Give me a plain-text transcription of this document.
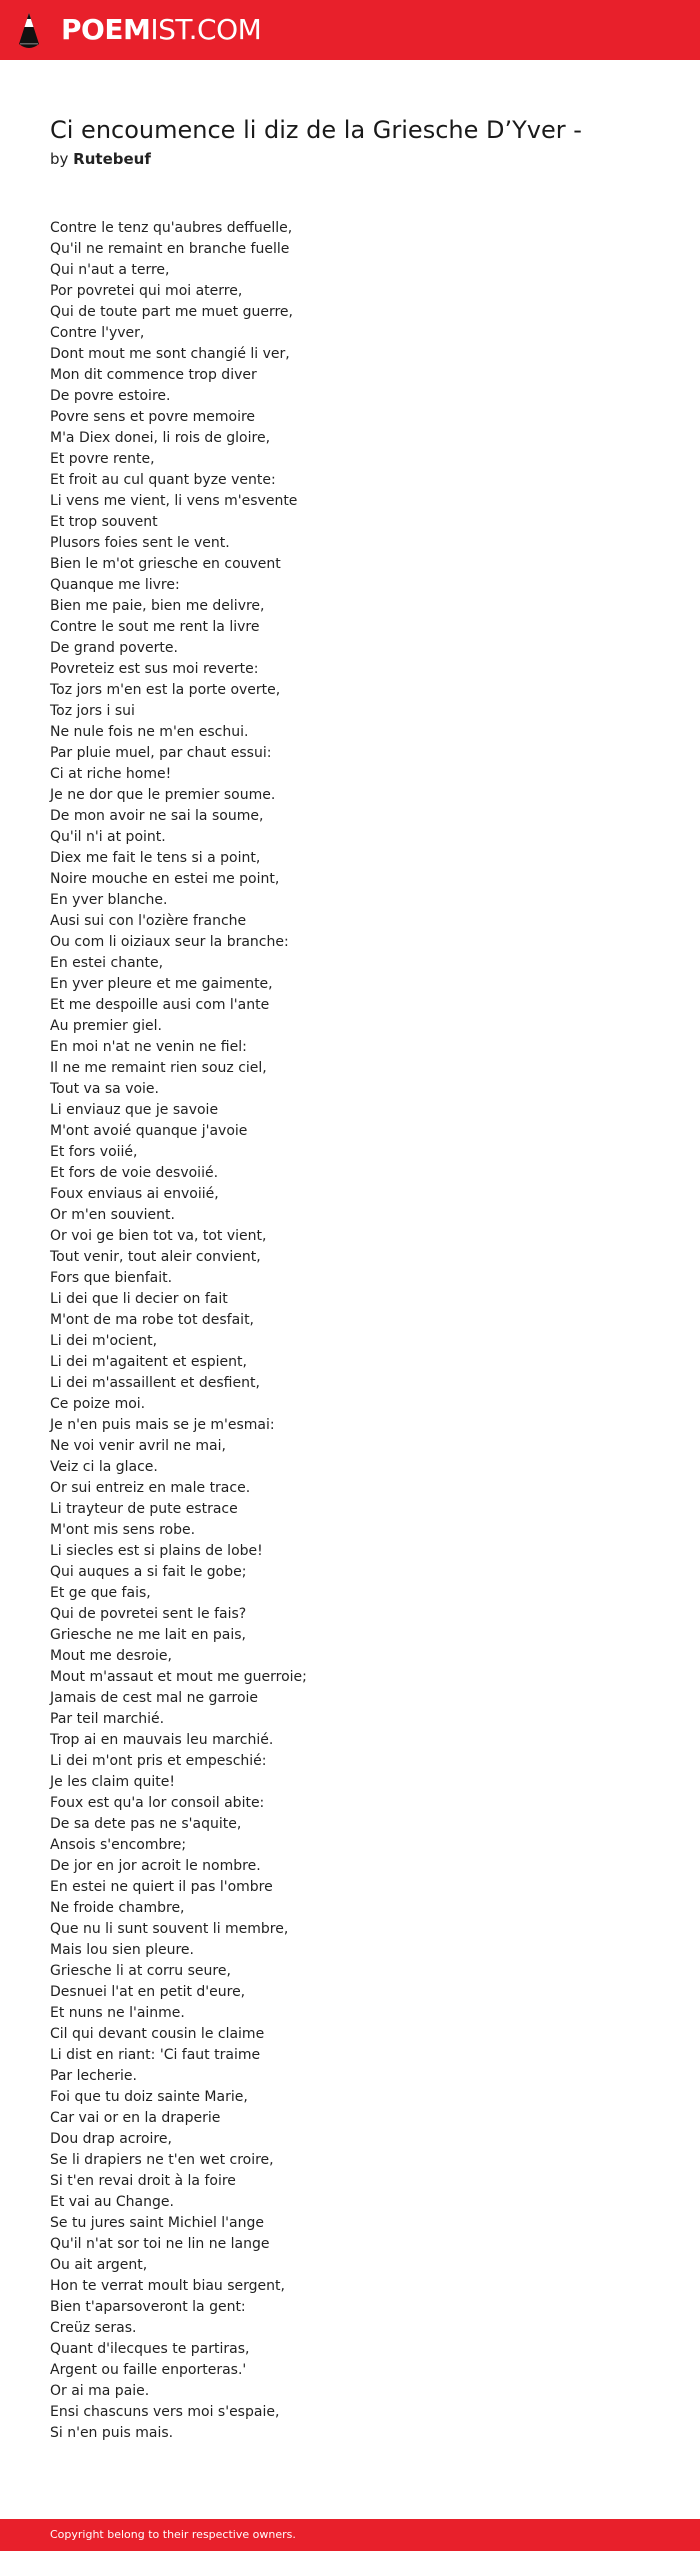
POEMIST.COM
Ci encoumence li diz de la Griesche D’Yver -
by Rutebeuf
Contre le tenz qu'aubres deffuelle,
Qu'il ne remaint en branche fuelle
Qui n'aut a terre,
Por povretei qui moi aterre,
Qui de toute part me muet guerre,
Contre l'yver,
Dont mout me sont changié li ver,
Mon dit commence trop diver
De povre estoire.
Povre sens et povre memoire
M'a Diex donei, li rois de gloire,
Et povre rente,
Et froit au cul quant byze vente:
Li vens me vient, li vens m'esvente
Et trop souvent
Plusors foies sent le vent.
Bien le m'ot griesche en couvent
Quanque me livre:
Bien me paie, bien me delivre,
Contre le sout me rent la livre
De grand poverte.
Povreteiz est sus moi reverte:
Toz jors m'en est la porte overte,
Toz jors i sui
Ne nule fois ne m'en eschui.
Par pluie muel, par chaut essui:
Ci at riche home!
Je ne dor que le premier soume.
De mon avoir ne sai la soume,
Qu'il n'i at point.
Diex me fait le tens si a point,
Noire mouche en estei me point,
En yver blanche.
Ausi sui con l'ozière franche
Ou com li oiziaux seur la branche:
En estei chante,
En yver pleure et me gaimente,
Et me despoille ausi com l'ante
Au premier giel.
En moi n'at ne venin ne fiel:
Il ne me remaint rien souz ciel,
Tout va sa voie.
Li enviauz que je savoie
M'ont avoié quanque j'avoie
Et fors voiié,
Et fors de voie desvoiié.
Foux enviaus ai envoiié,
Or m'en souvient.
Or voi ge bien tot va, tot vient,
Tout venir, tout aleir convient,
Fors que bienfait.
Li dei que li decier on fait
M'ont de ma robe tot desfait,
Li dei m'ocient,
Li dei m'agaitent et espient,
Li dei m'assaillent et desfient,
Ce poize moi.
Je n'en puis mais se je m'esmai:
Ne voi venir avril ne mai,
Veiz ci la glace.
Or sui entreiz en male trace.
Li trayteur de pute estrace
M'ont mis sens robe.
Li siecles est si plains de lobe!
Qui auques a si fait le gobe;
Et ge que fais,
Qui de povretei sent le fais?
Griesche ne me lait en pais,
Mout me desroie,
Mout m'assaut et mout me guerroie;
Jamais de cest mal ne garroie
Par teil marchié.
Trop ai en mauvais leu marchié.
Li dei m'ont pris et empeschié:
Je les claim quite!
Foux est qu'a lor consoil abite:
De sa dete pas ne s'aquite,
Ansois s'encombre;
De jor en jor acroit le nombre.
En estei ne quiert il pas l'ombre
Ne froide chambre,
Que nu li sunt souvent li membre,
Mais lou sien pleure.
Griesche li at corru seure,
Desnuei l'at en petit d'eure,
Et nuns ne l'ainme.
Cil qui devant cousin le claime
Li dist en riant: 'Ci faut traime
Par lecherie.
Foi que tu doiz sainte Marie,
Car vai or en la draperie
Dou drap acroire,
Se li drapiers ne t'en wet croire,
Si t'en revai droit à la foire
Et vai au Change.
Se tu jures saint Michiel l'ange
Qu'il n'at sor toi ne lin ne lange
Ou ait argent,
Hon te verrat moult biau sergent,
Bien t'aparsoveront la gent:
Creüz seras.
Quant d'ilecques te partiras,
Argent ou faille enporteras.'
Or ai ma paie.
Ensi chascuns vers moi s'espaie,
Si n'en puis mais.
Copyright belong to their respective owners.
